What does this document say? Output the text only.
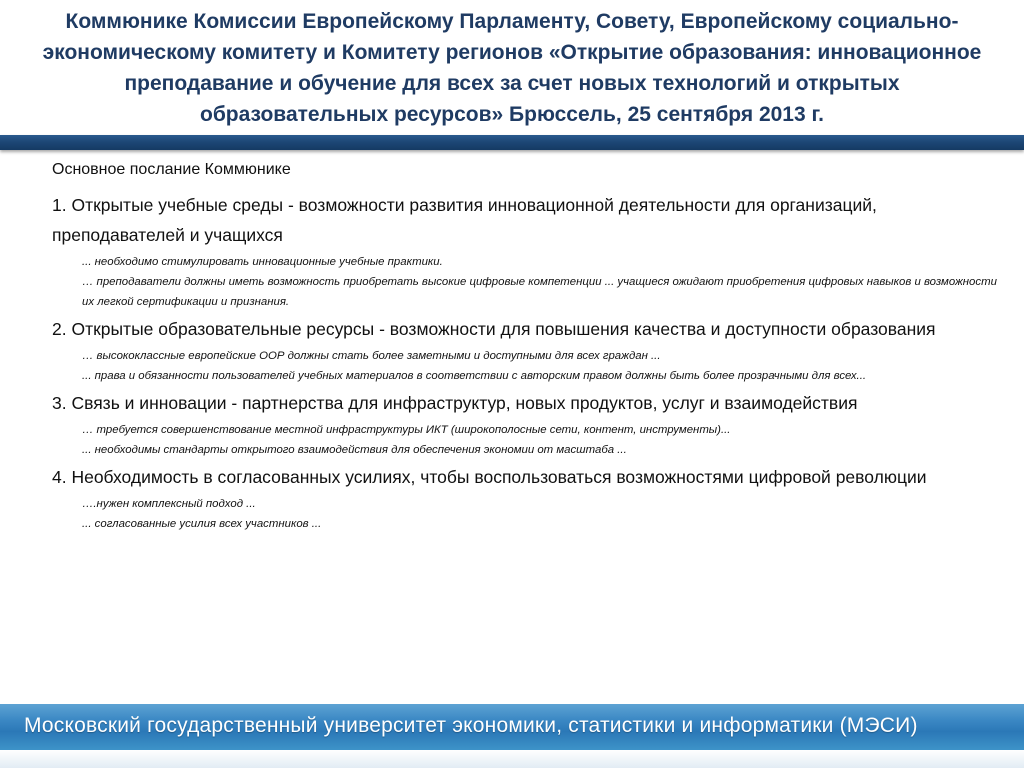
Коммюнике Комиссии Европейскому Парламенту, Совету, Европейскому социально-экономическому комитету и Комитету регионов «Открытие образования: инновационное преподавание и обучение для всех за счет новых технологий и открытых образовательных ресурсов» Брюссель, 25 сентября 2013 г.

Основное послание Коммюнике

1. Открытые учебные среды - возможности развития инновационной деятельности для организаций, преподавателей и учащихся

... необходимо стимулировать инновационные учебные практики.
… преподаватели должны иметь возможность приобретать высокие цифровые компетенции ... учащиеся ожидают приобретения цифровых навыков и возможности их легкой сертификации и признания.

2. Открытые образовательные ресурсы - возможности для повышения качества и доступности образования

… высококлассные европейские ООР должны стать более заметными и доступными для всех граждан ...
... права и обязанности пользователей учебных материалов в соответствии с авторским правом должны быть более прозрачными для всех...

3. Связь и инновации - партнерства для инфраструктур, новых продуктов, услуг и взаимодействия

… требуется совершенствование местной инфраструктуры ИКТ (широкополосные сети, контент, инструменты)...
... необходимы стандарты открытого взаимодействия для обеспечения экономии от масштаба ...

4. Необходимость в согласованных усилиях, чтобы воспользоваться возможностями цифровой революции

….нужен комплексный подход ...
... согласованные усилия всех участников ...
Московский государственный университет экономики, статистики и информатики (МЭСИ)
